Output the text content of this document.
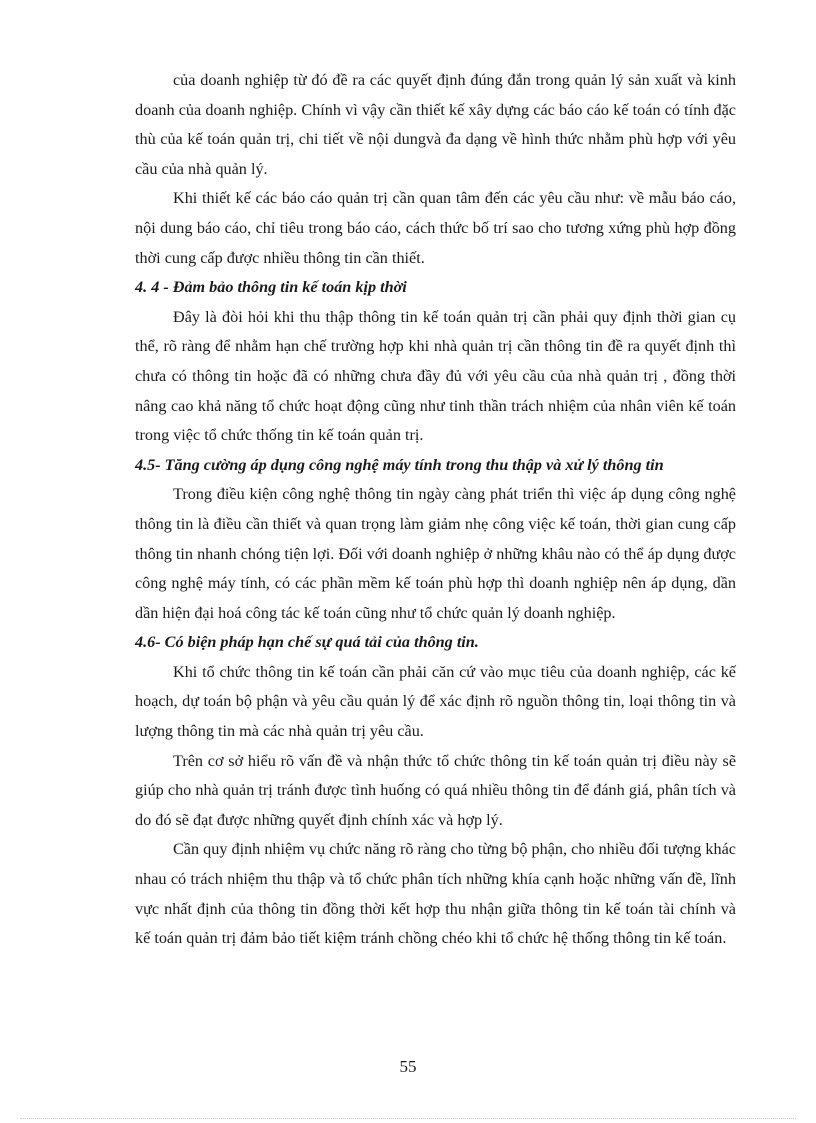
của doanh nghiệp từ đó đề ra các quyết định đúng đắn trong quản lý sản xuất và kinh doanh của doanh nghiệp. Chính vì vậy cần thiết kế xây dựng các báo cáo kế toán có tính đặc thù của kế toán quản trị, chi tiết về nội dungvà đa dạng về hình thức nhằm phù hợp với yêu cầu của nhà quản lý.

Khi thiết kế các báo cáo quản trị cần quan tâm đến các yêu cầu như: về mẫu báo cáo, nội dung báo cáo, chỉ tiêu trong báo cáo, cách thức bố trí sao cho tương xứng phù hợp đồng thời cung cấp được nhiều thông tin cần thiết.

4. 4 - Đảm bảo thông tin kế toán kịp thời

Đây là đòi hỏi khi thu thập thông tin kế toán quản trị cần phải quy định thời gian cụ thể, rõ ràng để nhằm hạn chế trường hợp khi nhà quản trị cần thông tin đề ra quyết định thì chưa có thông tin hoặc đã có những chưa đầy đủ với yêu cầu của nhà quản trị , đồng thời nâng cao khả năng tổ chức hoạt động cũng như tinh thần trách nhiệm của nhân viên kế toán trong việc tổ chức thống tin kế toán quản trị.

4.5- Tăng cường áp dụng công nghệ máy tính trong thu thập và xử lý thông tin

Trong điều kiện công nghệ thông tin ngày càng phát triển thì việc áp dụng công nghệ thông tin là điều cần thiết và quan trọng làm giảm nhẹ công việc kế toán, thời gian cung cấp thông tin nhanh chóng tiện lợi. Đối với doanh nghiệp ở những khâu nào có thể áp dụng được công nghệ máy tính, có các phần mềm kế toán phù hợp thì doanh nghiệp nên áp dụng, dần dần hiện đại hoá công tác kế toán cũng như tổ chức quản lý doanh nghiệp.

4.6- Có biện pháp hạn chế sự quá tải của thông tin.

Khi tổ chức thông tin kế toán cần phải căn cứ vào mục tiêu của doanh nghiệp, các kế hoạch, dự toán bộ phận và yêu cầu quản lý để xác định rõ nguồn thông tin, loại thông tin và lượng thông tin mà các nhà quản trị yêu cầu.

Trên cơ sở hiểu rõ vấn đề và nhận thức tổ chức thông tin kế toán quản trị điều này sẽ giúp cho nhà quản trị tránh được tình huống có quá nhiều thông tin để đánh giá, phân tích và do đó sẽ đạt được những quyết định chính xác và hợp lý.

Cần quy định nhiệm vụ chức năng rõ ràng cho từng bộ phận, cho nhiều đối tượng khác nhau có trách nhiệm thu thập và tổ chức phân tích những khía cạnh hoặc những vấn đề, lĩnh vực nhất định của thông tin đồng thời kết hợp thu nhận giữa thông tin kế toán tài chính và kế toán quản trị đảm bảo tiết kiệm tránh chồng chéo khi tổ chức hệ thống thông tin kế toán.

55
